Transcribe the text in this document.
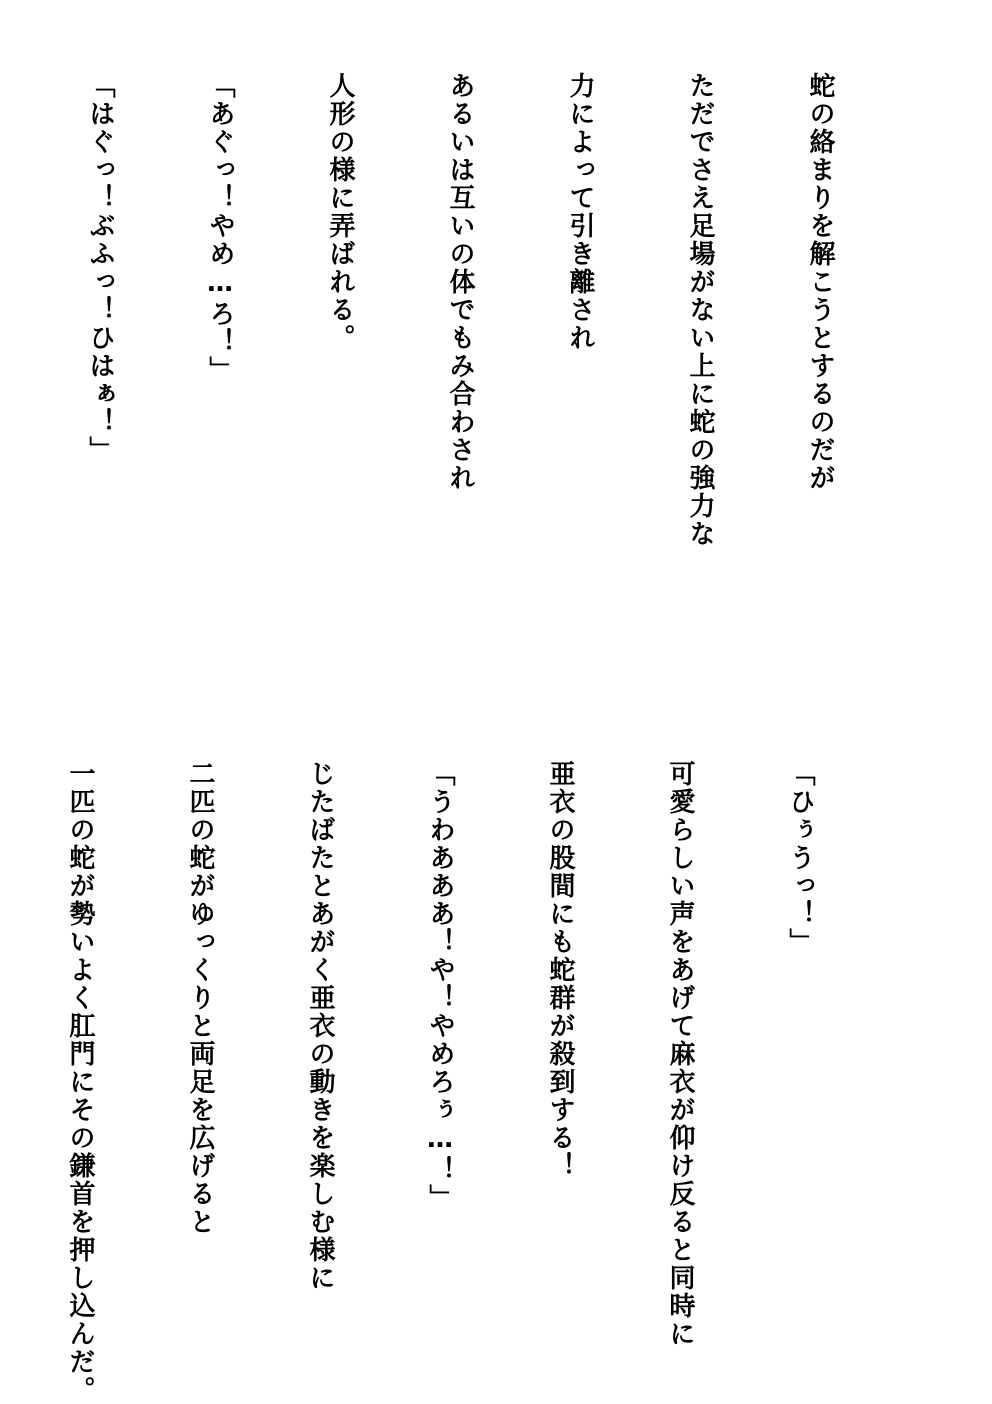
蛇の絡まりを解こうとするのだが

ただでさえ足場がない上に蛇の強力な

力によって引き離され

あるいは互いの体でもみ合わされ

人形の様に弄ばれる。

「あぐっ！やめ…ろ！」

「はぐっ！ぶふっ！ひはぁ！」

「ひぅうっ！」

可愛らしい声をあげて麻衣が仰け反ると同時に

亜衣の股間にも蛇群が殺到する！

「うわあああ！や！やめろぅ…！」

じたばたとあがく亜衣の動きを楽しむ様に

二匹の蛇がゆっくりと両足を広げると

一匹の蛇が勢いよく肛門にその鎌首を押し込んだ。
